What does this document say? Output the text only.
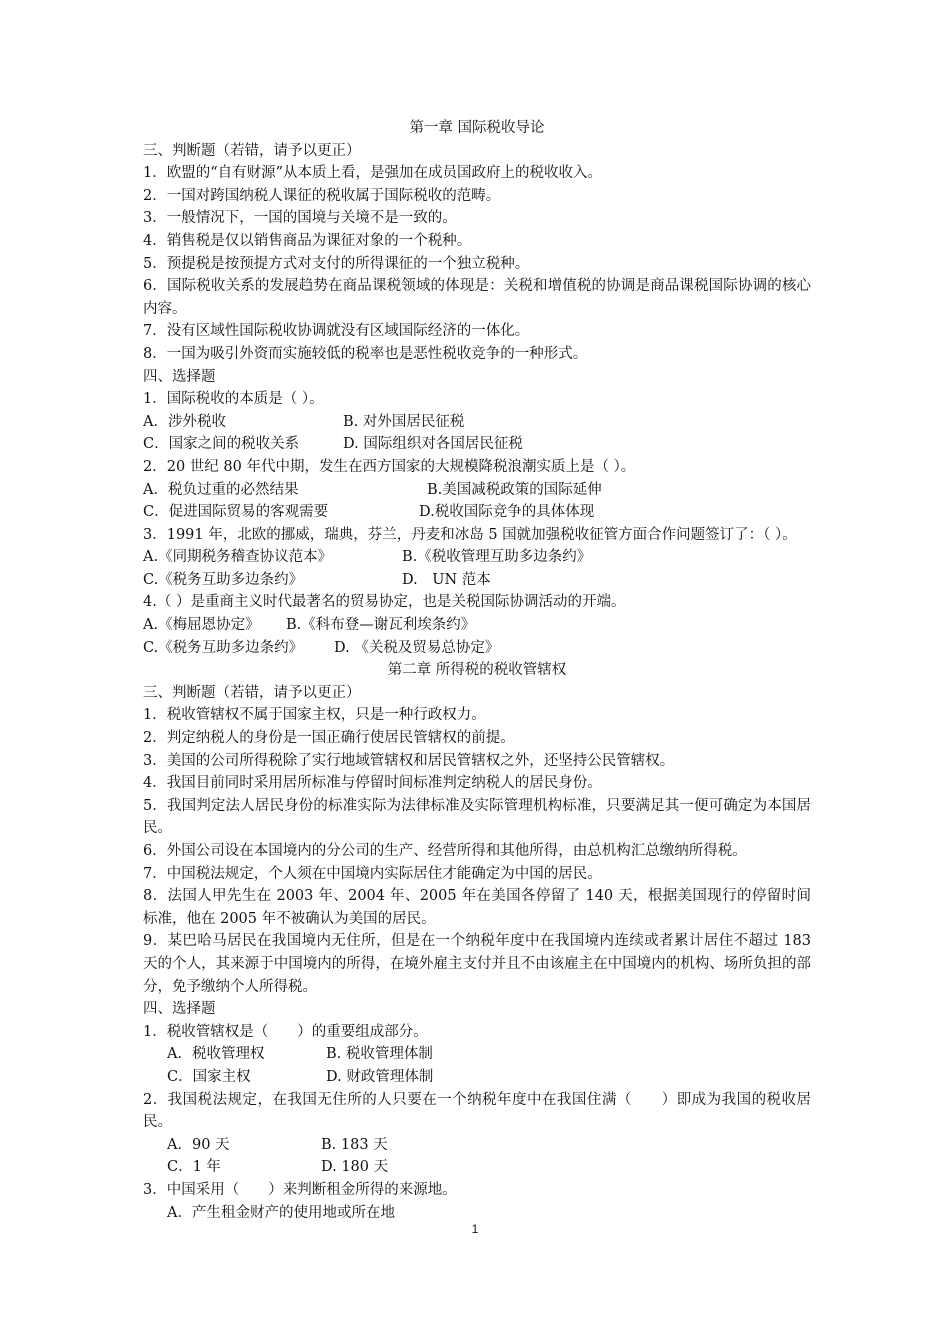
第一章 国际税收导论
三、判断题（若错，请予以更正）
1．欧盟的“自有财源”从本质上看，是强加在成员国政府上的税收收入。
2．一国对跨国纳税人课征的税收属于国际税收的范畴。
3．一般情况下，一国的国境与关境不是一致的。
4．销售税是仅以销售商品为课征对象的一个税种。
5．预提税是按预提方式对支付的所得课征的一个独立税种。
6．国际税收关系的发展趋势在商品课税领域的体现是：关税和增值税的协调是商品课税国际协调的核心内容。
7．没有区域性国际税收协调就没有区域国际经济的一体化。
8．一国为吸引外资而实施较低的税率也是恶性税收竞争的一种形式。
四、选择题
1．国际税收的本质是（ ）。
A．涉外税收	B. 对外国居民征税
C．国家之间的税收关系	D. 国际组织对各国居民征税
2．20 世纪 80 年代中期，发生在西方国家的大规模降税浪潮实质上是（ ）。
A．税负过重的必然结果	B.美国减税政策的国际延伸
C．促进国际贸易的客观需要	D.税收国际竞争的具体体现
3．1991 年，北欧的挪威，瑞典，芬兰，丹麦和冰岛 5 国就加强税收征管方面合作问题签订了：（ ）。
A.《同期税务稽查协议范本》	B.《税收管理互助多边条约》
C.《税务互助多边条约》	D.　UN 范本
4.（ ）是重商主义时代最著名的贸易协定，也是关税国际协调活动的开端。
A.《梅屈恩协定》 B.《科布登—谢瓦利埃条约》
C.《税务互助多边条约》 D. 《关税及贸易总协定》
第二章 所得税的税收管辖权
三、判断题（若错，请予以更正）
1．税收管辖权不属于国家主权，只是一种行政权力。
2．判定纳税人的身份是一国正确行使居民管辖权的前提。
3．美国的公司所得税除了实行地域管辖权和居民管辖权之外，还坚持公民管辖权。
4．我国目前同时采用居所标准与停留时间标准判定纳税人的居民身份。
5．我国判定法人居民身份的标准实际为法律标准及实际管理机构标准，只要满足其一便可确定为本国居民。
6．外国公司设在本国境内的分公司的生产、经营所得和其他所得，由总机构汇总缴纳所得税。
7．中国税法规定，个人须在中国境内实际居住才能确定为中国的居民。
8．法国人甲先生在 2003 年、2004 年、2005 年在美国各停留了 140 天，根据美国现行的停留时间标准，他在 2005 年不被确认为美国的居民。
9．某巴哈马居民在我国境内无住所，但是在一个纳税年度中在我国境内连续或者累计居住不超过 183 天的个人，其来源于中国境内的所得，在境外雇主支付并且不由该雇主在中国境内的机构、场所负担的部分，免予缴纳个人所得税。
四、选择题
1．税收管辖权是（　　）的重要组成部分。
A．税收管理权	B. 税收管理体制
C．国家主权	D. 财政管理体制
2．我国税法规定，在我国无住所的人只要在一个纳税年度中在我国住满（　　）即成为我国的税收居民。
A．90 天	B. 183 天
C．1 年	D. 180 天
3．中国采用（　　）来判断租金所得的来源地。
A．产生租金财产的使用地或所在地
1
